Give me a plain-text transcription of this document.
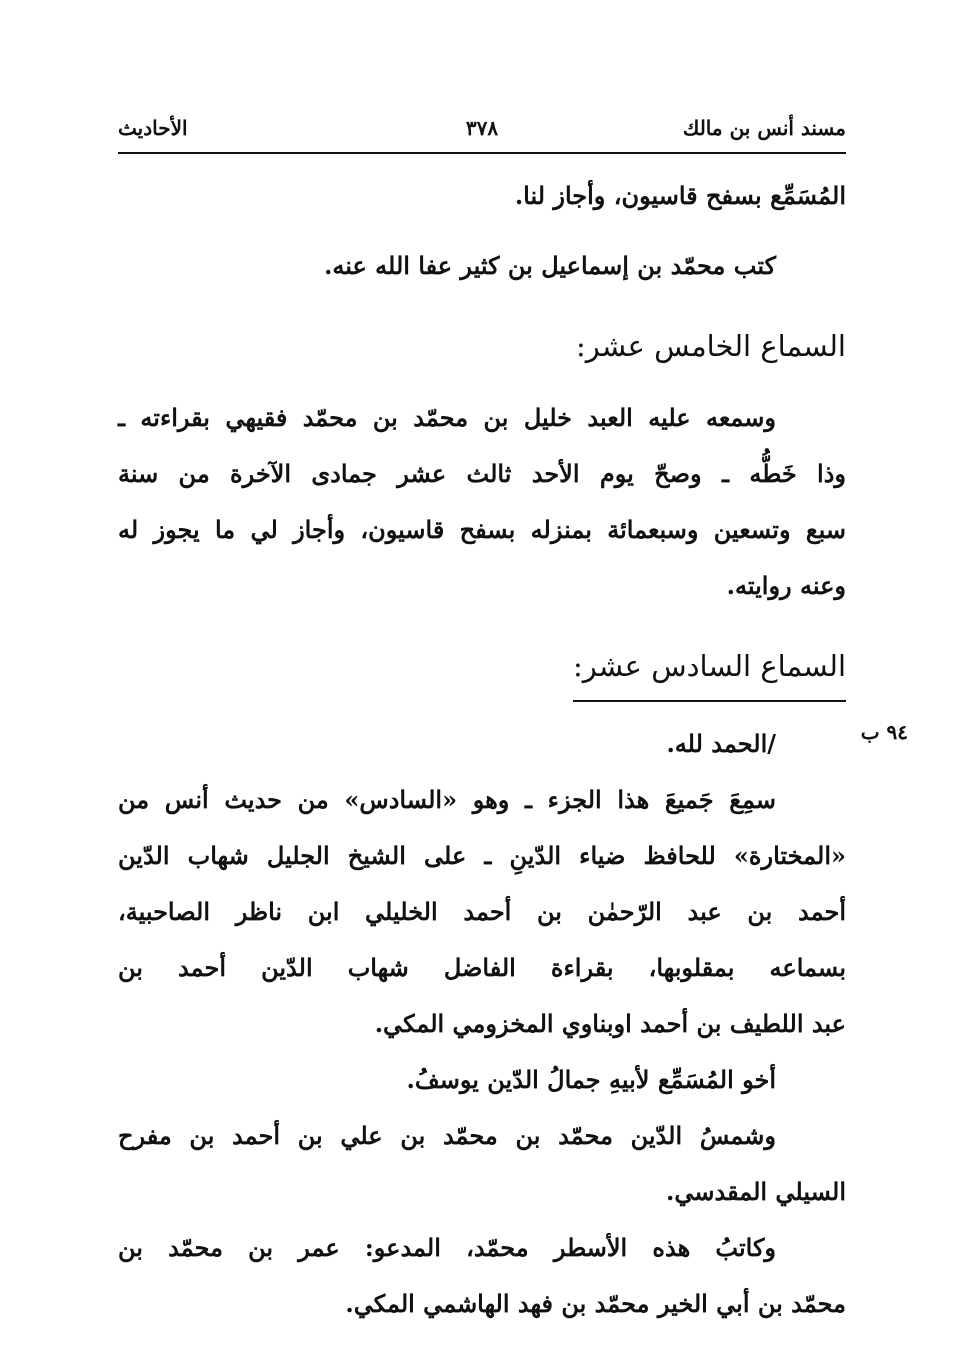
مسند أنس بن مالك
٣٧٨
الأحاديث
٩٤ ب
المُسَمِّع بسفح قاسيون، وأجاز لنا.
كتب محمّد بن إسماعيل بن كثير عفا الله عنه.
السماع الخامس عشر:
وسمعه عليه العبد خليل بن محمّد بن محمّد فقيهي بقراءته ـ
وذا خَطُّه ـ وصحّ يوم الأحد ثالث عشر جمادى الآخرة من سنة
سبع وتسعين وسبعمائة بمنزله بسفح قاسيون، وأجاز لي ما يجوز له
وعنه روايته.
السماع السادس عشر:
/الحمد لله.
سمِعَ جَميعَ هذا الجزء ـ وهو «السادس» من حديث أنس من
«المختارة» للحافظ ضياء الدّينِ ـ على الشيخ الجليل شهاب الدّين
أحمد بن عبد الرّحمٰن بن أحمد الخليلي ابن ناظر الصاحبية،
بسماعه بمقلوبها، بقراءة الفاضل شهاب الدّين أحمد بن
عبد اللطيف بن أحمد اوبناوي المخزومي المكي.
أخو المُسَمِّع لأبيهِ جمالُ الدّين يوسفُ.
وشمسُ الدّين محمّد بن محمّد بن علي بن أحمد بن مفرح
السيلي المقدسي.
وكاتبُ هذه الأسطر محمّد، المدعو: عمر بن محمّد بن
محمّد بن أبي الخير محمّد بن فهد الهاشمي المكي.
